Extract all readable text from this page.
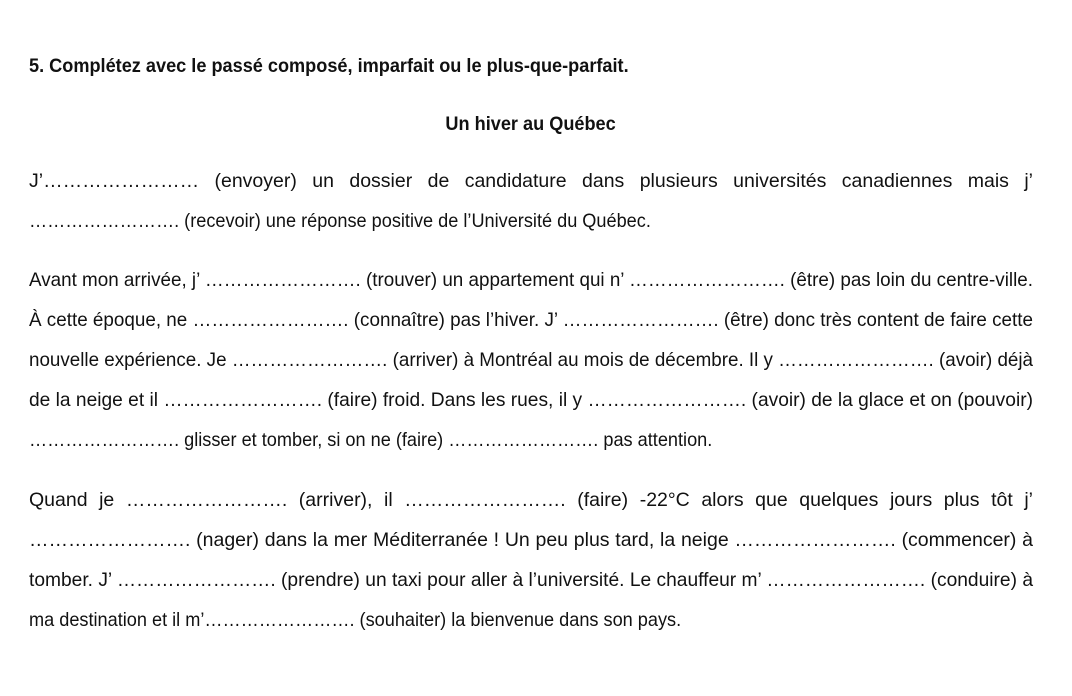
5. Complétez avec le passé composé, imparfait ou le plus-que-parfait.
Un hiver au Québec
J’…………………… (envoyer) un dossier de candidature dans plusieurs universités canadiennes mais j’
……………………. (recevoir) une réponse positive de l’Université du Québec.
Avant mon arrivée, j’ ……………………. (trouver) un appartement qui n’ ……………………. (être) pas loin du centre-ville.
À cette époque, ne ……………………. (connaître) pas l’hiver. J’ ……………………. (être) donc très content de faire cette
nouvelle expérience. Je ……………………. (arriver) à Montréal au mois de décembre. Il y ……………………. (avoir) déjà
de la neige et il ……………………. (faire) froid. Dans les rues, il y ……………………. (avoir) de la glace et on (pouvoir)
……………………. glisser et tomber, si on ne (faire) ……………………. pas attention.
Quand je ……………………. (arriver), il ……………………. (faire) -22°C alors que quelques jours plus tôt j’
……………………. (nager) dans la mer Méditerranée ! Un peu plus tard, la neige ……………………. (commencer) à
tomber. J’ ……………………. (prendre) un taxi pour aller à l’université. Le chauffeur m’ ……………………. (conduire) à
ma destination et il m’……………………. (souhaiter) la bienvenue dans son pays.
